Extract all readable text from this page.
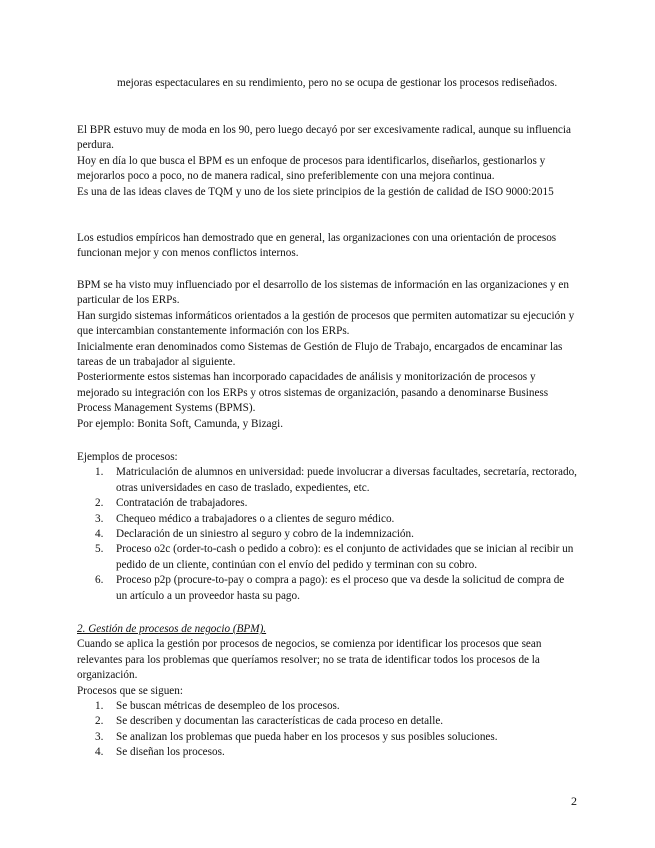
mejoras espectaculares en su rendimiento, pero no se ocupa de gestionar los procesos rediseñados.

El BPR estuvo muy de moda en los 90, pero luego decayó por ser excesivamente radical, aunque su influencia perdura.

Hoy en día lo que busca el BPM es un enfoque de procesos para identificarlos, diseñarlos, gestionarlos y mejorarlos poco a poco, no de manera radical, sino preferiblemente con una mejora continua.

Es una de las ideas claves de TQM y uno de los siete principios de la gestión de calidad de ISO 9000:2015

Los estudios empíricos han demostrado que en general, las organizaciones con una orientación de procesos funcionan mejor y con menos conflictos internos.

BPM se ha visto muy influenciado por el desarrollo de los sistemas de información en las organizaciones y en particular de los ERPs.

Han surgido sistemas informáticos orientados a la gestión de procesos que permiten automatizar su ejecución y que intercambian constantemente información con los ERPs.

Inicialmente eran denominados como Sistemas de Gestión de Flujo de Trabajo, encargados de encaminar las tareas de un trabajador al siguiente.

Posteriormente estos sistemas han incorporado capacidades de análisis y monitorización de procesos y mejorado su integración con los ERPs y otros sistemas de organización, pasando a denominarse Business Process Management Systems (BPMS).

Por ejemplo: Bonita Soft, Camunda, y Bizagi.

Ejemplos de procesos:

1. Matriculación de alumnos en universidad: puede involucrar a diversas facultades, secretaría, rectorado, otras universidades en caso de traslado, expedientes, etc.
2. Contratación de trabajadores.
3. Chequeo médico a trabajadores o a clientes de seguro médico.
4. Declaración de un siniestro al seguro y cobro de la indemnización.
5. Proceso o2c (order-to-cash o pedido a cobro): es el conjunto de actividades que se inician al recibir un pedido de un cliente, continúan con el envío del pedido y terminan con su cobro.
6. Proceso p2p (procure-to-pay o compra a pago): es el proceso que va desde la solicitud de compra de un artículo a un proveedor hasta su pago.

2. Gestión de procesos de negocio (BPM).

Cuando se aplica la gestión por procesos de negocios, se comienza por identificar los procesos que sean relevantes para los problemas que queríamos resolver; no se trata de identificar todos los procesos de la organización.

Procesos que se siguen:

1. Se buscan métricas de desempleo de los procesos.
2. Se describen y documentan las características de cada proceso en detalle.
3. Se analizan los problemas que pueda haber en los procesos y sus posibles soluciones.
4. Se diseñan los procesos.
2
